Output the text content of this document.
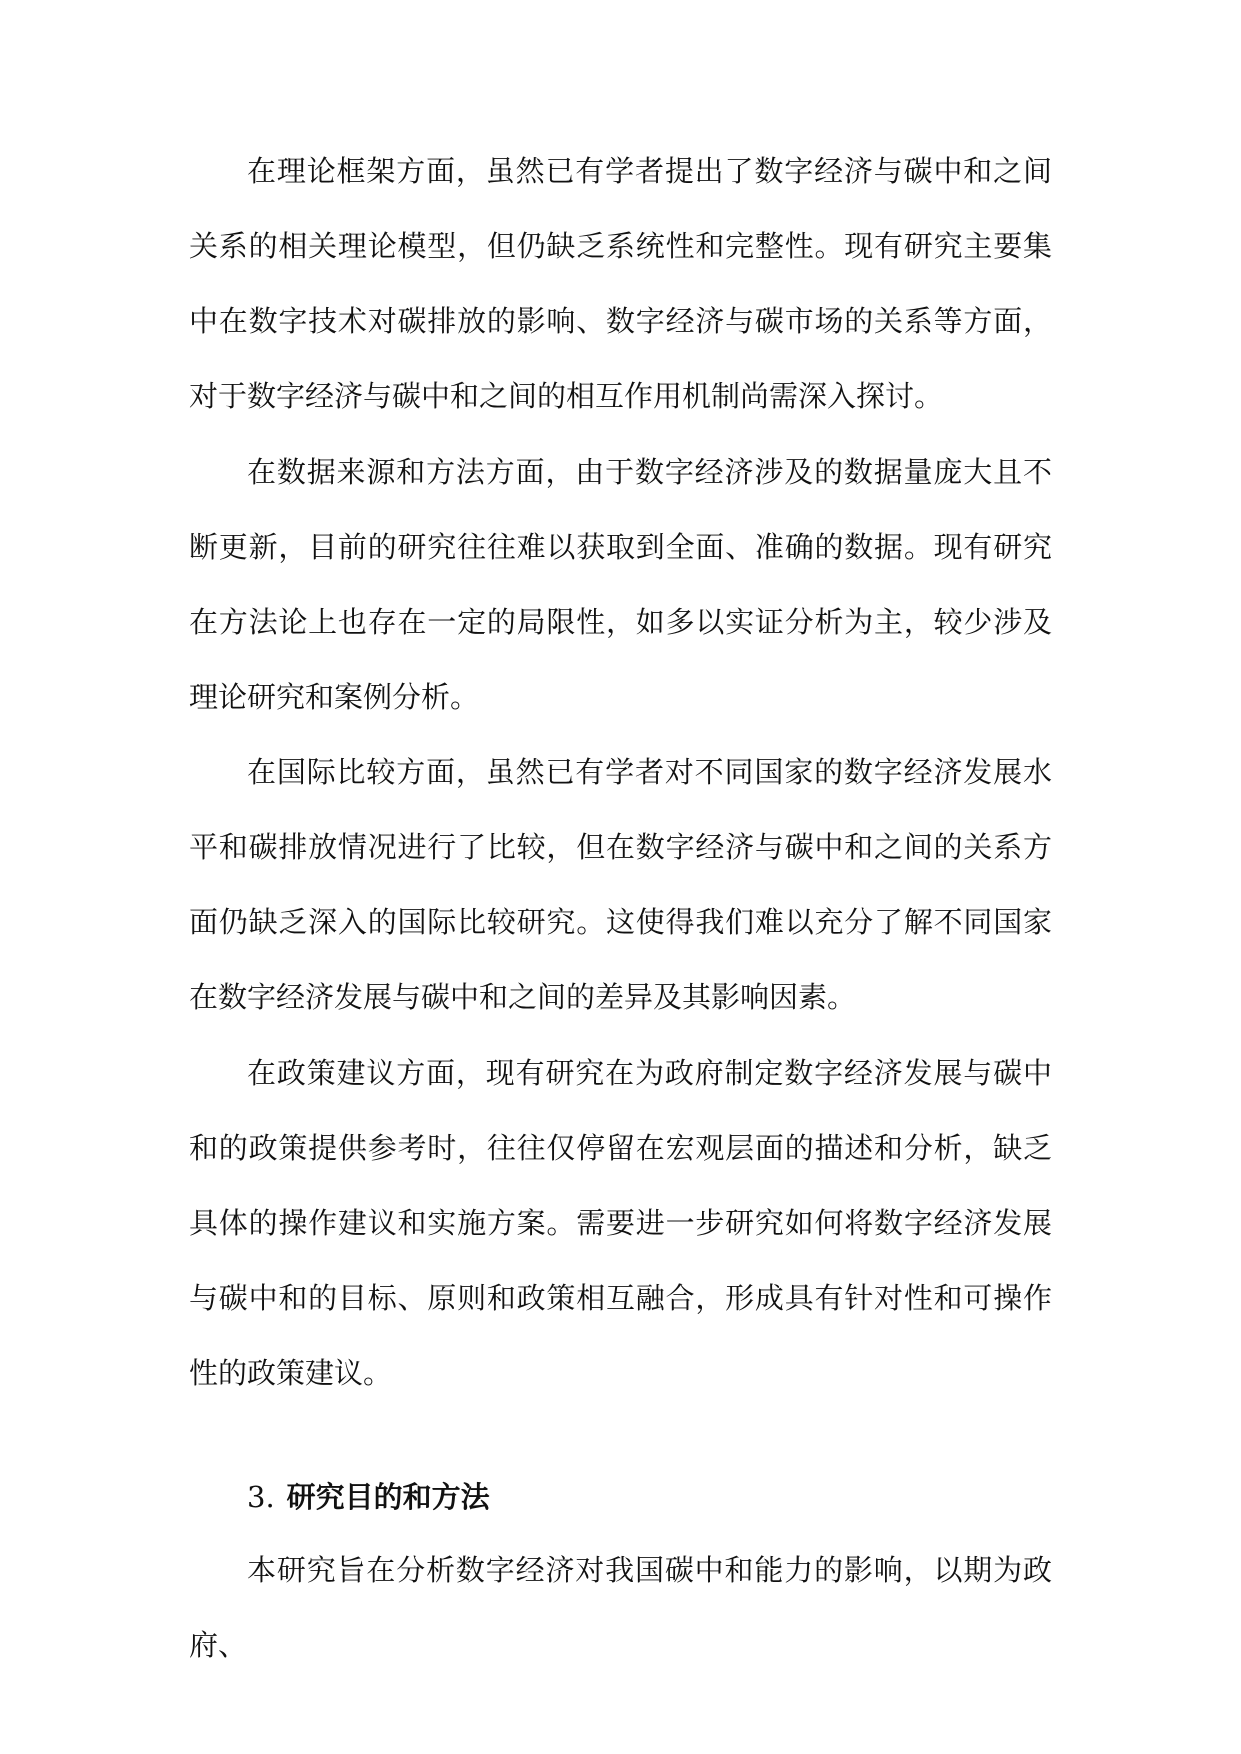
在理论框架方面，虽然已有学者提出了数字经济与碳中和之间关系的相关理论模型，但仍缺乏系统性和完整性。现有研究主要集中在数字技术对碳排放的影响、数字经济与碳市场的关系等方面，对于数字经济与碳中和之间的相互作用机制尚需深入探讨。

在数据来源和方法方面，由于数字经济涉及的数据量庞大且不断更新，目前的研究往往难以获取到全面、准确的数据。现有研究在方法论上也存在一定的局限性，如多以实证分析为主，较少涉及理论研究和案例分析。

在国际比较方面，虽然已有学者对不同国家的数字经济发展水平和碳排放情况进行了比较，但在数字经济与碳中和之间的关系方面仍缺乏深入的国际比较研究。这使得我们难以充分了解不同国家在数字经济发展与碳中和之间的差异及其影响因素。

在政策建议方面，现有研究在为政府制定数字经济发展与碳中和的政策提供参考时，往往仅停留在宏观层面的描述和分析，缺乏具体的操作建议和实施方案。需要进一步研究如何将数字经济发展与碳中和的目标、原则和政策相互融合，形成具有针对性和可操作性的政策建议。

3. 研究目的和方法

本研究旨在分析数字经济对我国碳中和能力的影响，以期为政府、
